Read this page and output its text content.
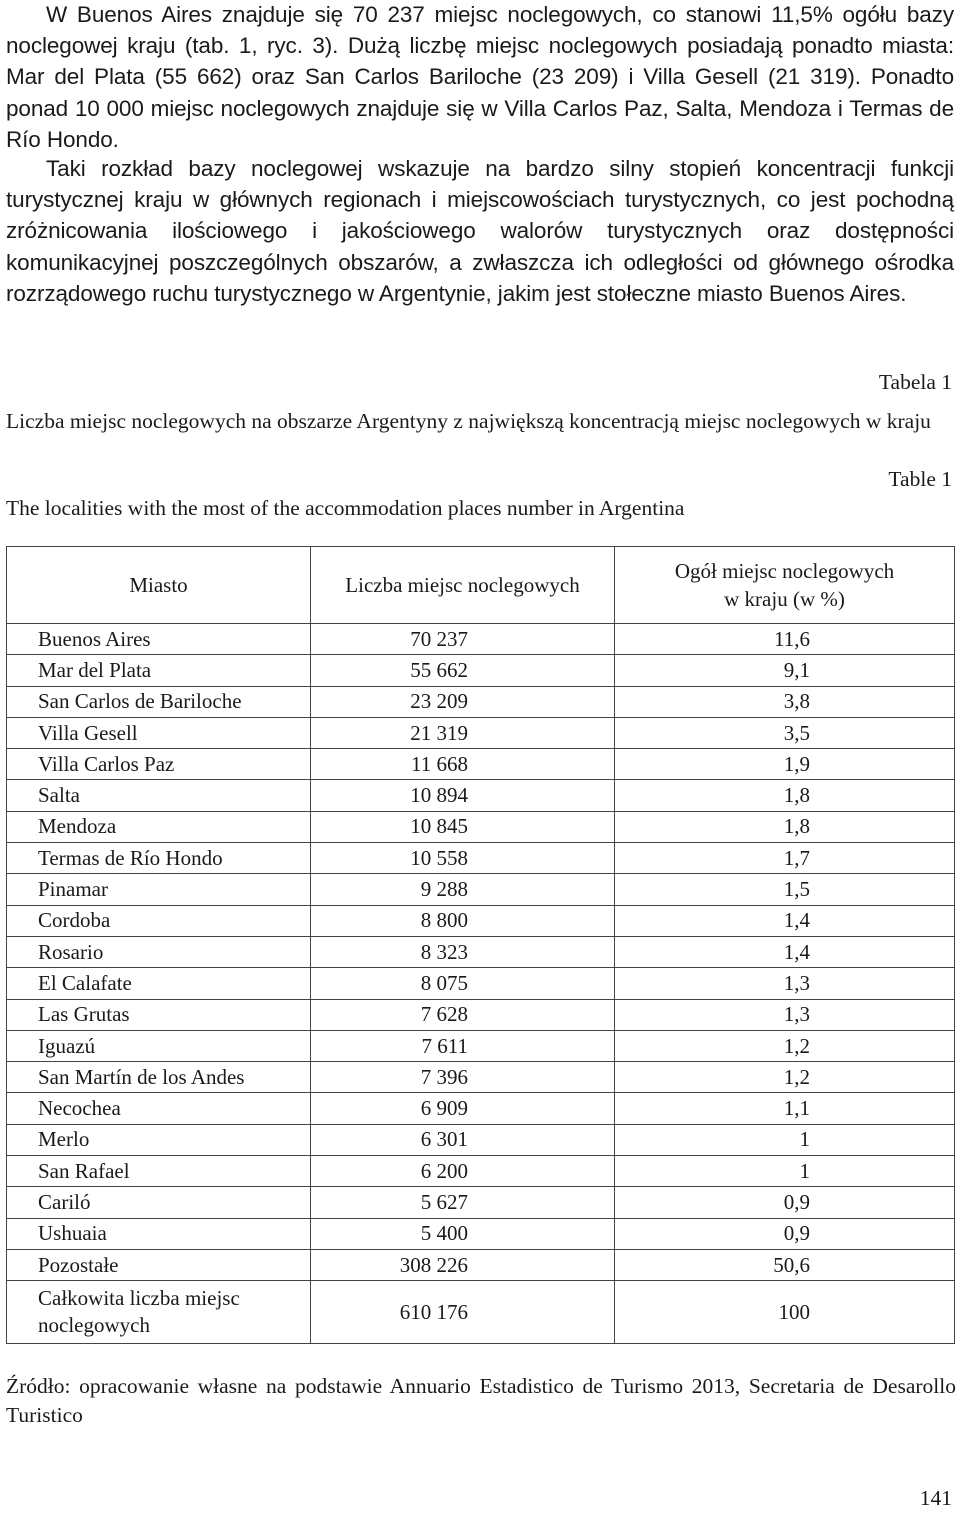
W Buenos Aires znajduje się 70 237 miejsc noclegowych, co stanowi 11,5% ogółu bazy noclegowej kraju (tab. 1, ryc. 3). Dużą liczbę miejsc noclegowych posiadają ponadto miasta: Mar del Plata (55 662) oraz San Carlos Bariloche (23 209) i Villa Gesell (21 319). Ponadto ponad 10 000 miejsc noclegowych znajduje się w Villa Carlos Paz, Salta, Mendoza i Termas de Río Hondo.

Taki rozkład bazy noclegowej wskazuje na bardzo silny stopień koncentracji funkcji turystycznej kraju w głównych regionach i miejscowościach turystycznych, co jest pochodną zróżnicowania ilościowego i jakościowego walorów turystycznych oraz dostępności komunikacyjnej poszczególnych obszarów, a zwłaszcza ich odległości od głównego ośrodka rozrządowego ruchu turystycznego w Argentynie, jakim jest stołeczne miasto Buenos Aires.

Tabela 1

Liczba miejsc noclegowych na obszarze Argentyny z największą koncentracją miejsc noclegowych w kraju

Table 1

The localities with the most of the accommodation places number in Argentina

Miasto	Liczba miejsc noclegowych	Ogół miejsc noclegowych
w kraju (w %)
Buenos Aires	70 237	11,6
Mar del Plata	55 662	9,1
San Carlos de Bariloche	23 209	3,8
Villa Gesell	21 319	3,5
Villa Carlos Paz	11 668	1,9
Salta	10 894	1,8
Mendoza	10 845	1,8
Termas de Río Hondo	10 558	1,7
Pinamar	9 288	1,5
Cordoba	8 800	1,4
Rosario	8 323	1,4
El Calafate	8 075	1,3
Las Grutas	7 628	1,3
Iguazú	7 611	1,2
San Martín de los Andes	7 396	1,2
Necochea	6 909	1,1
Merlo	6 301	1
San Rafael	6 200	1
Cariló	5 627	0,9
Ushuaia	5 400	0,9
Pozostałe	308 226	50,6
Całkowita liczba miejsc
noclegowych	610 176	100

Źródło: opracowanie własne na podstawie Annuario Estadistico de Turismo 2013, Secretaria de Desarollo Turistico

141
